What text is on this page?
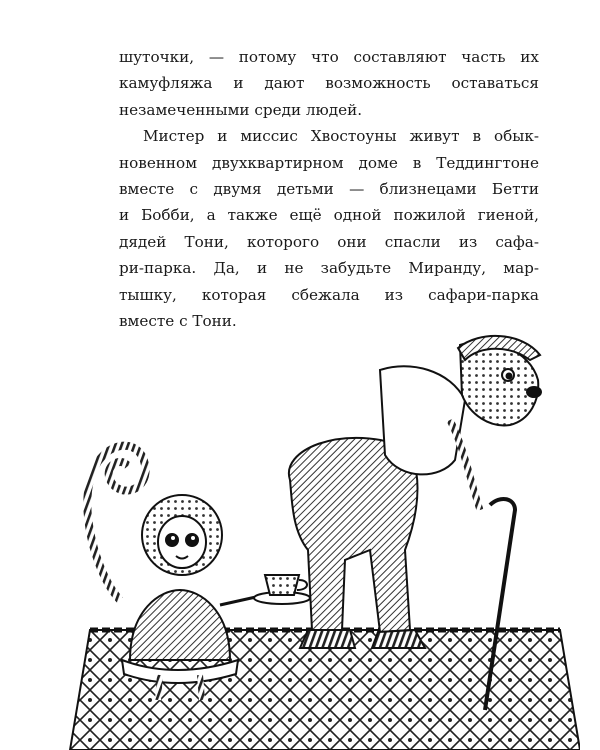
шуточки, — потому что составляют часть их

камуфляжа и дают возможность оставаться

незамеченными среди людей.

Мистер и миссис Хвостоуны живут в обык-

новенном двухквартирном доме в Теддингтоне

вместе с двумя детьми — близнецами Бетти

и Бобби, а также ещё одной пожилой гиеной,

дядей Тони, которого они спасли из сафа-

ри-парка. Да, и не забудьте Миранду, мар-

тышку, которая сбежала из сафари-парка

вместе с Тони.
